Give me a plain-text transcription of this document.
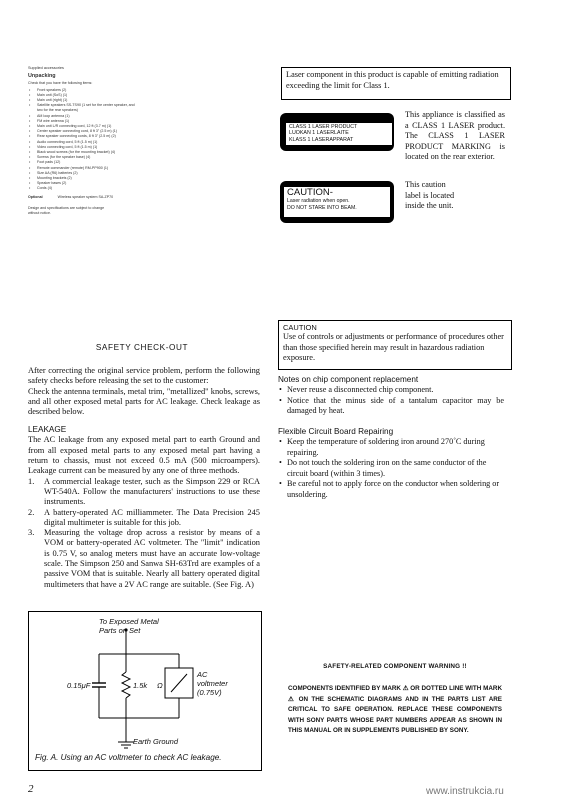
Supplied accessories
Unpacking
Check that you have the following items:
• Front speakers (2)
• Main unit (SoS) (1)
• Main unit (right) (1)
• Satellite speakers SS-TS90 (1 set for the center speaker, and two for the rear speakers)
• AM loop antenna (1)
• FM wire antenna (1)
• Main unit L/R connecting cord, 12 ft (3.7 m) (1)
• Center speaker connecting cord, 8 ft 3" (2.5 m) (1)
• Rear speaker connecting cords, 8 ft 3" (2.5 m) (2)
• Audio connecting cord, 5 ft (1.5 m) (1)
• Video connecting cord, 5 ft (1.5 m) (1)
• Black wood screws (for the mounting bracket) (4)
• Screws (for the speaker base) (4)
• Foot pads (12)
• Remote commander (remote) RM-PP900 (1)
• Size AA (R6) batteries (2)
• Mounting brackets (2)
• Speaker bases (2)
• Cords (4)
Optional	Wireless speaker system SA-ZP70
Design and specifications are subject to change without notice.
Laser component in this product is capable of emitting radiation exceeding the limit for Class 1.
CLASS 1 LASER PRODUCT
LUOKAN 1 LASERLAITE
KLASS 1 LASERAPPARAT
This appliance is classified as a CLASS 1 LASER product. The CLASS 1 LASER PRODUCT MARKING is located on the rear exterior.
CAUTION-
Laser radiation when open.
DO NOT STARE INTO BEAM.
This caution label is located inside the unit.
CAUTION
Use of controls or adjustments or performance of procedures other than those specified herein may result in hazardous radiation exposure.
SAFETY CHECK-OUT
After correcting the original service problem, perform the following safety checks before releasing the set to the customer:
Check the antenna terminals, metal trim, "metallized" knobs, screws, and all other exposed metal parts for AC leakage. Check leakage as described below.
LEAKAGE
The AC leakage from any exposed metal part to earth Ground and from all exposed metal parts to any exposed metal part having a return to chassis, must not exceed 0.5 mA (500 microampers). Leakage current can be measured by any one of three methods.
1. A commercial leakage tester, such as the Simpson 229 or RCA WT-540A. Follow the manufacturers' instructions to use these instruments.
2. A battery-operated AC milliammeter. The Data Precision 245 digital multimeter is suitable for this job.
3. Measuring the voltage drop across a resistor by means of a VOM or battery-operated AC voltmeter. The "limit" indication is 0.75 V, so analog meters must have an accurate low-voltage scale. The Simpson 250 and Sanwa SH-63Trd are examples of a passive VOM that is suitable. Nearly all battery operated digital multimeters that have a 2V AC range are suitable. (See Fig. A)
To Exposed Metal
Parts on Set
0.15μF	1.5k Ω
AC
voltmeter
(0.75V)
Earth Ground
Fig. A. Using an AC voltmeter to check AC leakage.
Notes on chip component replacement
• Never reuse a disconnected chip component.
• Notice that the minus side of a tantalum capacitor may be damaged by heat.
Flexible Circuit Board Repairing
• Keep the temperature of soldering iron around 270˚C during repairing.
• Do not touch the soldering iron on the same conductor of the circuit board (within 3 times).
• Be careful not to apply force on the conductor when soldering or unsoldering.

SAFETY-RELATED COMPONENT WARNING !!

COMPONENTS IDENTIFIED BY MARK ⚠ OR DOTTED LINE WITH MARK ⚠ ON THE SCHEMATIC DIAGRAMS AND IN THE PARTS LIST ARE CRITICAL TO SAFE OPERATION. REPLACE THESE COMPONENTS WITH SONY PARTS WHOSE PART NUMBERS APPEAR AS SHOWN IN THIS MANUAL OR IN SUPPLEMENTS PUBLISHED BY SONY.

2	www.instrukcia.ru
